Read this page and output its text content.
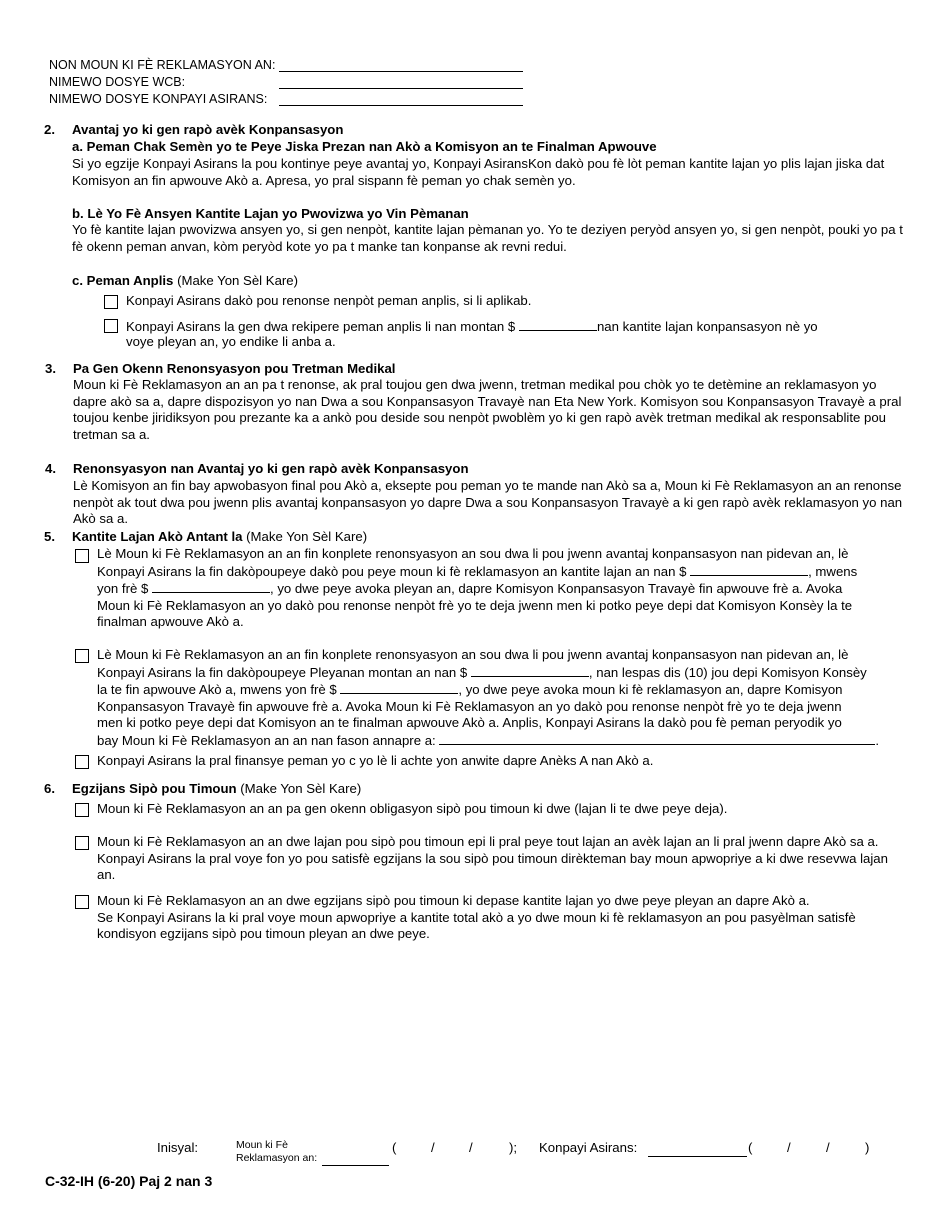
NON MOUN KI FÈ REKLAMASYON AN:
NIMEWO DOSYE WCB:
NIMEWO DOSYE KONPAYI ASIRANS:
2. Avantaj yo ki gen rapò avèk Konpansasyon
a. Peman Chak Semèn yo te Peye Jiska Prezan nan Akò a Komisyon an te Finalman Apwouve
Si yo egzije Konpayi Asirans la pou kontinye peye avantaj yo, Konpayi AsiransKon dakò pou fè lòt peman kantite lajan yo plis lajan jiska dat Komisyon an fin apwouve Akò a. Apresa, yo pral sispann fè peman yo chak semèn yo.
b. Lè Yo Fè Ansyen Kantite Lajan yo Pwovizwa yo Vin Pèmanan
Yo fè kantite lajan pwovizwa ansyen yo, si gen nenpòt, kantite lajan pèmanan yo. Yo te deziyen peryòd ansyen yo, si gen nenpòt, pouki yo pa t fè okenn peman anvan, kòm peryòd kote yo pa t manke tan konpanse ak revni redui.
c. Peman Anplis (Make Yon Sèl Kare)
Konpayi Asirans dakò pou renonse nenpòt peman anplis, si li aplikab.
Konpayi Asirans la gen dwa rekipere peman anplis li nan montan $	nan kantite lajan konpansasyon nè yo
voye pleyan an, yo endike li anba a.
3. Pa Gen Okenn Renonsyasyon pou Tretman Medikal
Moun ki Fè Reklamasyon an an pa t renonse, ak pral toujou gen dwa jwenn, tretman medikal pou chòk yo te detèmine an reklamasyon yo dapre akò sa a, dapre dispozisyon yo nan Dwa a sou Konpansasyon Travayè nan Eta New York. Komisyon sou Konpansasyon Travayè a pral toujou kenbe jiridiksyon pou prezante ka a ankò pou deside sou nenpòt pwoblèm yo ki gen rapò avèk tretman medikal ak responsablite pou tretman sa a.
4. Renonsyasyon nan Avantaj yo ki gen rapò avèk Konpansasyon
Lè Komisyon an fin bay apwobasyon final pou Akò a, eksepte pou peman yo te mande nan Akò sa a, Moun ki Fè Reklamasyon an an renonse nenpòt ak tout dwa pou jwenn plis avantaj konpansasyon yo dapre Dwa a sou Konpansasyon Travayè a ki gen rapò avèk reklamasyon yo nan Akò sa a.
5. Kantite Lajan Akò Antant la (Make Yon Sèl Kare)
Lè Moun ki Fè Reklamasyon an an fin konplete renonsyasyon an sou dwa li pou jwenn avantaj konpansasyon nan pidevan an, lè
Konpayi Asirans la fin dakòpoupeye dakò pou peye moun ki fè reklamasyon an kantite lajan an nan $	, mwens
yon frè $	, yo dwe peye avoka pleyan an, dapre Komisyon Konpansasyon Travayè fin apwouve frè a. Avoka
Moun ki Fè Reklamasyon an yo dakò pou renonse nenpòt frè yo te deja jwenn men ki potko peye depi dat Komisyon Konsèy la te
finalman apwouve Akò a.
Lè Moun ki Fè Reklamasyon an an fin konplete renonsyasyon an sou dwa li pou jwenn avantaj konpansasyon nan pidevan an, lè
Konpayi Asirans la fin dakòpoupeye Pleyanan montan an nan $	, nan lespas dis (10) jou depi Komisyon Konsèy
la te fin apwouve Akò a, mwens yon frè $	, yo dwe peye avoka moun ki fè reklamasyon an, dapre Komisyon
Konpansasyon Travayè fin apwouve frè a. Avoka Moun ki Fè Reklamasyon an yo dakò pou renonse nenpòt frè yo te deja jwenn
men ki potko peye depi dat Komisyon an te finalman apwouve Akò a. Anplis, Konpayi Asirans la dakò pou fè peman peryodik yo
bay Moun ki Fè Reklamasyon an an nan fason annapre a:	.
Konpayi Asirans la pral finansye peman yo c yo lè li achte yon anwite dapre Anèks A nan Akò a.
6. Egzijans Sipò pou Timoun (Make Yon Sèl Kare)
Moun ki Fè Reklamasyon an an pa gen okenn obligasyon sipò pou timoun ki dwe (lajan li te dwe peye deja).
Moun ki Fè Reklamasyon an an dwe lajan pou sipò pou timoun epi li pral peye tout lajan an avèk lajan an li pral jwenn dapre Akò sa a. Konpayi Asirans la pral voye fon yo pou satisfè egzijans la sou sipò pou timoun dirèkteman bay moun apwopriye a ki dwe resevwa lajan an.
Moun ki Fè Reklamasyon an an dwe egzijans sipò pou timoun ki depase kantite lajan yo dwe peye pleyan an dapre Akò a.
Se Konpayi Asirans la ki pral voye moun apwopriye a kantite total akò a yo dwe moun ki fè reklamasyon an pou pasyèlman satisfè kondisyon egzijans sipò pou timoun pleyan an dwe peye.
Inisyal:	Moun ki Fè
Reklamasyon an:
(	/	/	); Konpayi Asirans:	(	/	/	)
C-32-IH (6-20) Paj 2 nan 3
